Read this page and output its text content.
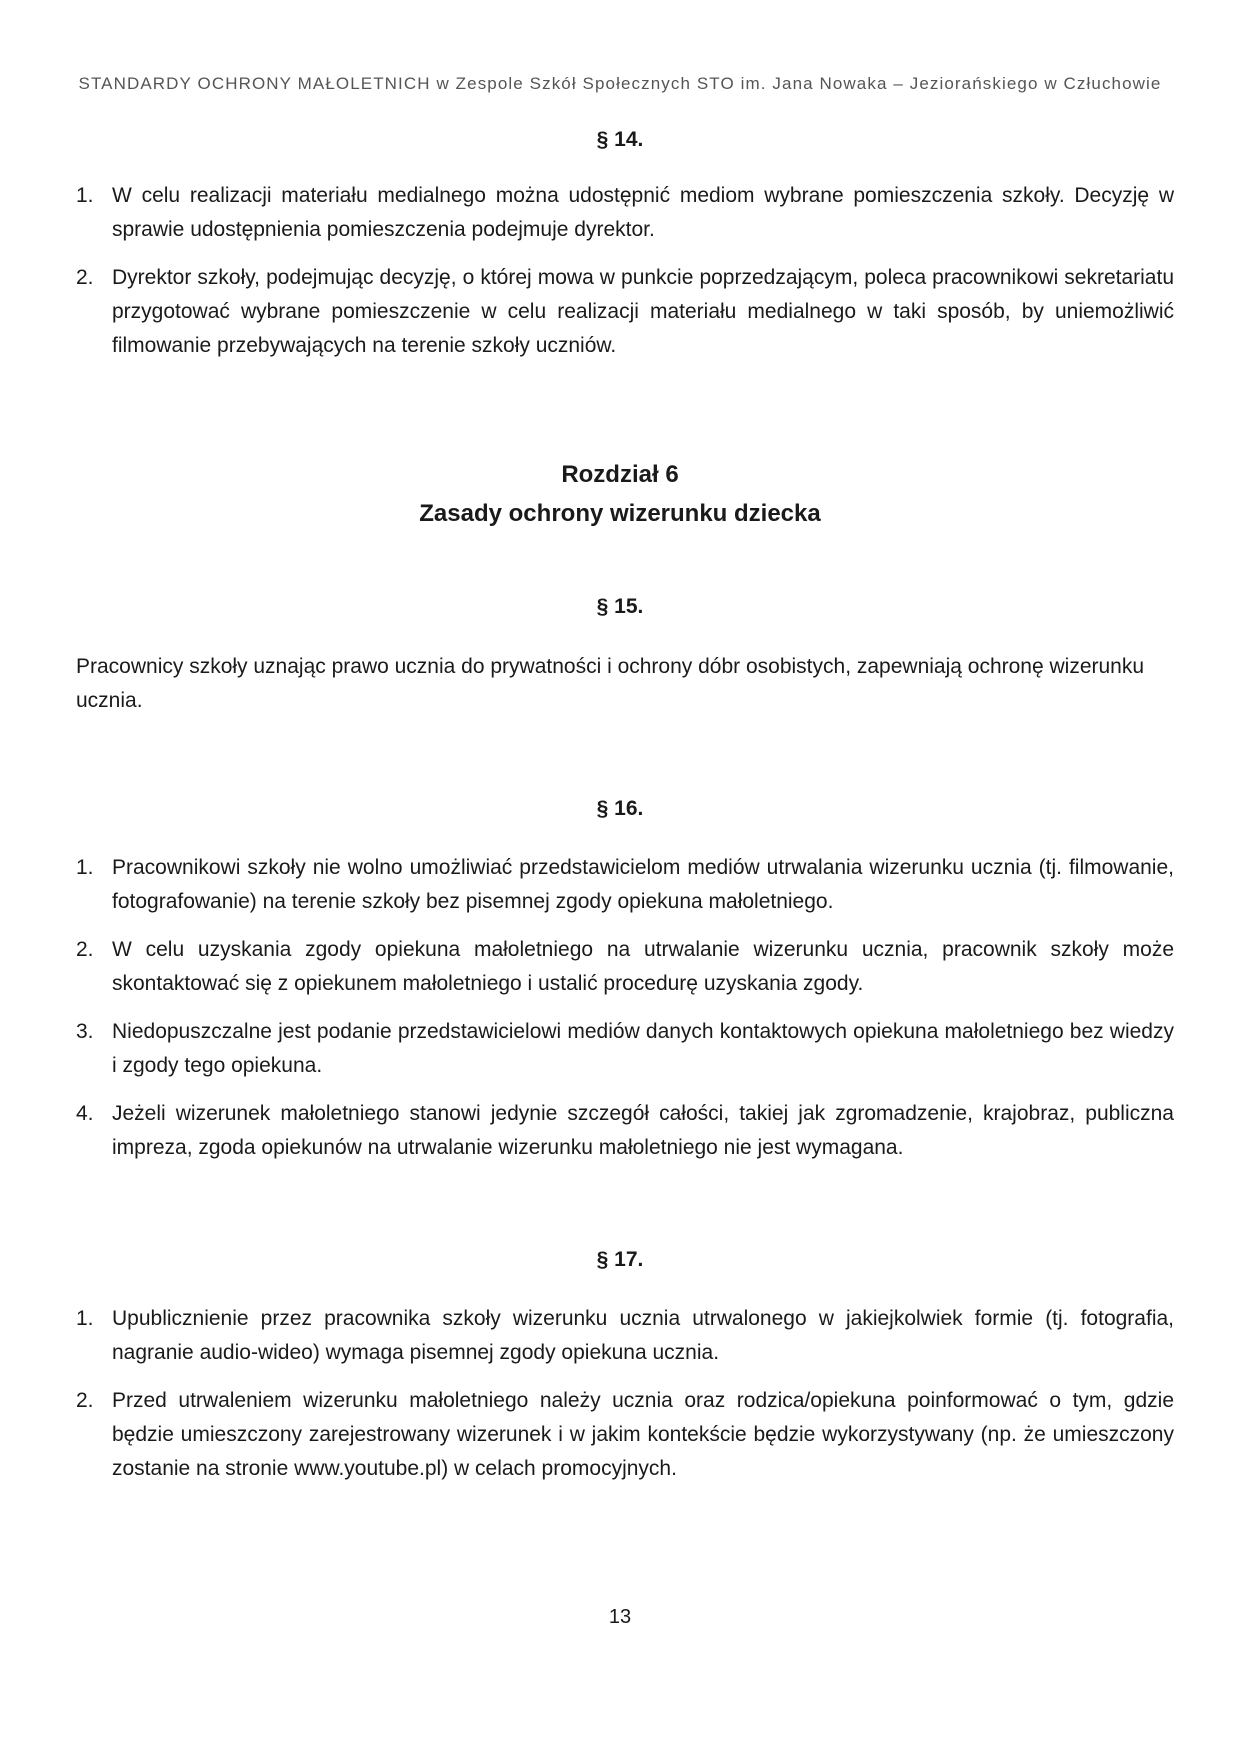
STANDARDY OCHRONY MAŁOLETNICH w Zespole Szkół Społecznych STO im. Jana Nowaka – Jeziorańskiego w Człuchowie
§ 14.
1. W celu realizacji materiału medialnego można udostępnić mediom wybrane pomieszczenia szkoły. Decyzję w sprawie udostępnienia pomieszczenia podejmuje dyrektor.
2. Dyrektor szkoły, podejmując decyzję, o której mowa w punkcie poprzedzającym, poleca pracownikowi sekretariatu przygotować wybrane pomieszczenie w celu realizacji materiału medialnego w taki sposób, by uniemożliwić filmowanie przebywających na terenie szkoły uczniów.
Rozdział 6
Zasady ochrony wizerunku dziecka
§ 15.

Pracownicy szkoły uznając prawo ucznia do prywatności i ochrony dóbr osobistych, zapewniają ochronę wizerunku ucznia.

§ 16.
1. Pracownikowi szkoły nie wolno umożliwiać przedstawicielom mediów utrwalania wizerunku ucznia (tj. filmowanie, fotografowanie) na terenie szkoły bez pisemnej zgody opiekuna małoletniego.
2. W celu uzyskania zgody opiekuna małoletniego na utrwalanie wizerunku ucznia, pracownik szkoły może skontaktować się z opiekunem małoletniego i ustalić procedurę uzyskania zgody.
3. Niedopuszczalne jest podanie przedstawicielowi mediów danych kontaktowych opiekuna małoletniego bez wiedzy i zgody tego opiekuna.
4. Jeżeli wizerunek małoletniego stanowi jedynie szczegół całości, takiej jak zgromadzenie, krajobraz, publiczna impreza, zgoda opiekunów na utrwalanie wizerunku małoletniego nie jest wymagana.
§ 17.
1. Upublicznienie przez pracownika szkoły wizerunku ucznia utrwalonego w jakiejkolwiek formie (tj. fotografia, nagranie audio-wideo) wymaga pisemnej zgody opiekuna ucznia.
2. Przed utrwaleniem wizerunku małoletniego należy ucznia oraz rodzica/opiekuna poinformować o tym, gdzie będzie umieszczony zarejestrowany wizerunek i w jakim kontekście będzie wykorzystywany (np. że umieszczony zostanie na stronie www.youtube.pl) w celach promocyjnych.
13
